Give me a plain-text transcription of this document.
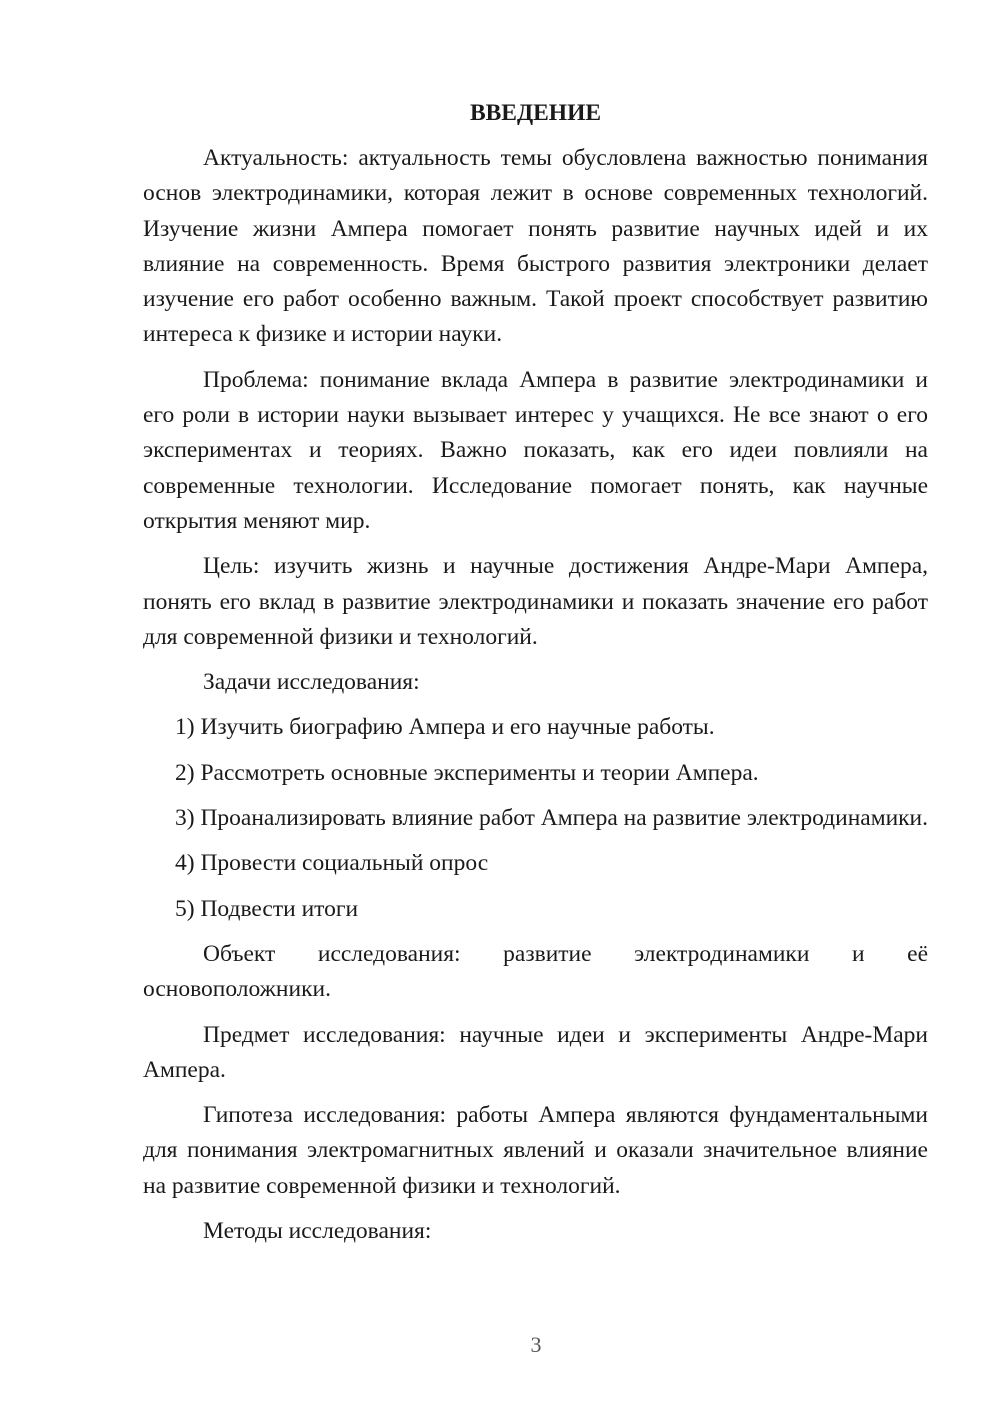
ВВЕДЕНИЕ

Актуальность: актуальность темы обусловлена важностью понимания основ электродинамики, которая лежит в основе современных технологий. Изучение жизни Ампера помогает понять развитие научных идей и их влияние на современность. Время быстрого развития электроники делает изучение его работ особенно важным. Такой проект способствует развитию интереса к физике и истории науки.

Проблема: понимание вклада Ампера в развитие электродинамики и его роли в истории науки вызывает интерес у учащихся. Не все знают о его экспериментах и теориях. Важно показать, как его идеи повлияли на современные технологии. Исследование помогает понять, как научные открытия меняют мир.

Цель: изучить жизнь и научные достижения Андре-Мари Ампера, понять его вклад в развитие электродинамики и показать значение его работ для современной физики и технологий.

Задачи исследования:

1) Изучить биографию Ампера и его научные работы.

2) Рассмотреть основные эксперименты и теории Ампера.

3) Проанализировать влияние работ Ампера на развитие электродинамики.

4) Провести социальный опрос

5) Подвести итоги

Объект исследования: развитие электродинамики и её основоположники.

Предмет исследования: научные идеи и эксперименты Андре-Мари Ампера.

Гипотеза исследования: работы Ампера являются фундаментальными для понимания электромагнитных явлений и оказали значительное влияние на развитие современной физики и технологий.

Методы исследования:

3
